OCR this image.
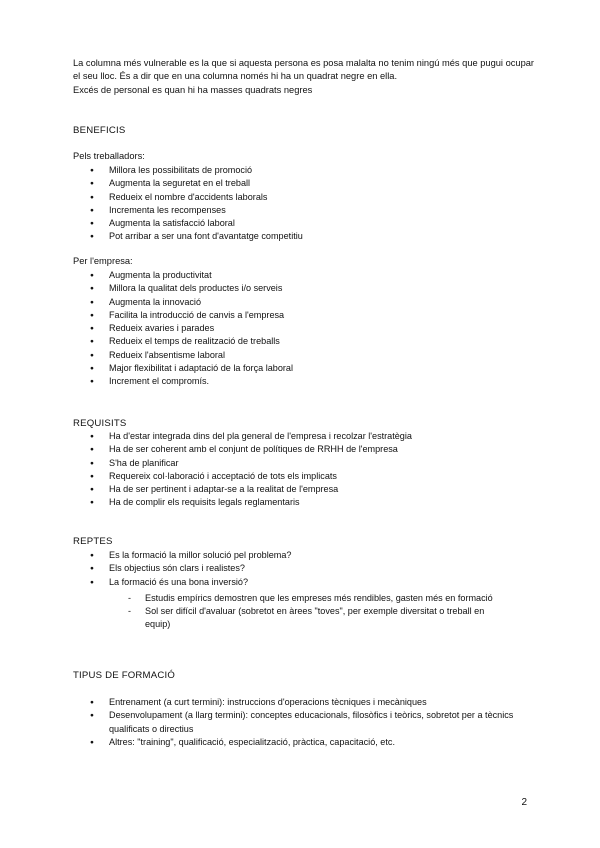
La columna més vulnerable es la que si aquesta persona es posa malalta no tenim ningú més que pugui ocupar el seu lloc. És a dir que en una columna només hi ha un quadrat negre en ella.

Excés de personal es quan hi ha masses quadrats negres

BENEFICIS

Pels treballadors:

● Millora les possibilitats de promoció
● Augmenta la seguretat en el treball
● Redueix el nombre d'accidents laborals
● Incrementa les recompenses
● Augmenta la satisfacció laboral
● Pot arribar a ser una font d'avantatge competitiu

Per l'empresa:

● Augmenta la productivitat
● Millora la qualitat dels productes i/o serveis
● Augmenta la innovació
● Facilita la introducció de canvis a l'empresa
● Redueix avaries i parades
● Redueix el temps de realització de treballs
● Redueix l'absentisme laboral
● Major flexibilitat i adaptació de la força laboral
● Increment el compromís.

REQUISITS

● Ha d'estar integrada dins del pla general de l'empresa i recolzar l'estratègia
● Ha de ser coherent amb el conjunt de polítiques de RRHH de l'empresa
● S'ha de planificar
● Requereix col·laboració i acceptació de tots els implicats
● Ha de ser pertinent i adaptar-se a la realitat de l'empresa
● Ha de complir els requisits legals reglamentaris

REPTES

● Es la formació la millor solució pel problema?
● Els objectius són clars i realistes?
● La formació és una bona inversió?
- Estudis empírics demostren que les empreses més rendibles, gasten més en formació
- Sol ser difícil d'avaluar (sobretot en àrees "toves", per exemple diversitat o treball en equip)

TIPUS DE FORMACIÓ

● Entrenament (a curt termini): instruccions d'operacions tècniques i mecàniques
● Desenvolupament (a llarg termini): conceptes educacionals, filosòfics i teòrics, sobretot per a tècnics qualificats o directius
● Altres: "training", qualificació, especialització, pràctica, capacitació, etc.
2
